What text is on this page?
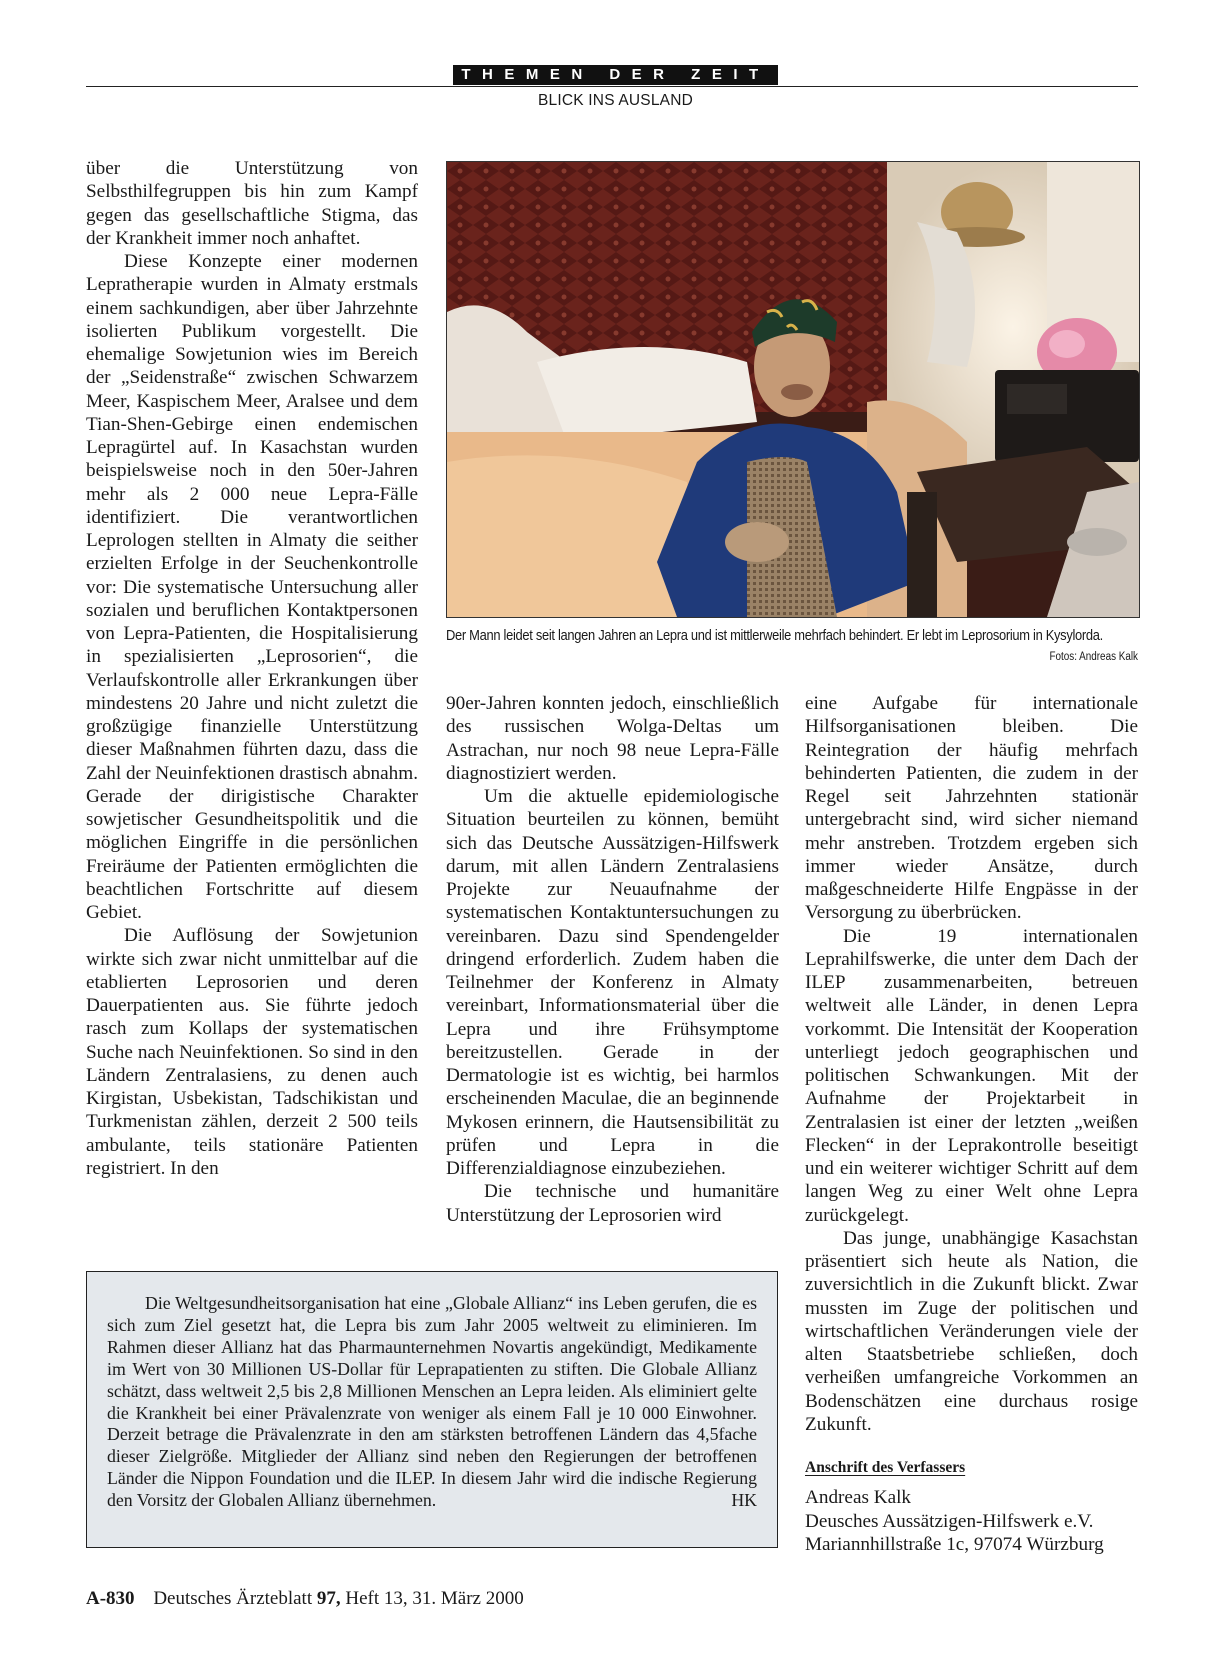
THEMEN DER ZEIT
BLICK INS AUSLAND

über die Unterstützung von Selbsthilfegruppen bis hin zum Kampf gegen das gesellschaftliche Stigma, das der Krankheit immer noch anhaftet.

Diese Konzepte einer modernen Lepratherapie wurden in Almaty erstmals einem sachkundigen, aber über Jahrzehnte isolierten Publikum vorgestellt. Die ehemalige Sowjetunion wies im Bereich der „Seidenstraße“ zwischen Schwarzem Meer, Kaspischem Meer, Aralsee und dem Tian-Shen-Gebirge einen endemischen Lepragürtel auf. In Kasachstan wurden beispielsweise noch in den 50er-Jahren mehr als 2 000 neue Lepra-Fälle identifiziert. Die verantwortlichen Leprologen stellten in Almaty die seither erzielten Erfolge in der Seuchenkontrolle vor: Die systematische Untersuchung aller sozialen und beruflichen Kontaktpersonen von Lepra-Patienten, die Hospitalisierung in spezialisierten „Leprosorien“, die Verlaufskontrolle aller Erkrankungen über mindestens 20 Jahre und nicht zuletzt die großzügige finanzielle Unterstützung dieser Maßnahmen führten dazu, dass die Zahl der Neuinfektionen drastisch abnahm. Gerade der dirigistische Charakter sowjetischer Gesundheitspolitik und die möglichen Eingriffe in die persönlichen Freiräume der Patienten ermöglichten die beachtlichen Fortschritte auf diesem Gebiet.

Die Auflösung der Sowjetunion wirkte sich zwar nicht unmittelbar auf die etablierten Leprosorien und deren Dauerpatienten aus. Sie führte jedoch rasch zum Kollaps der systematischen Suche nach Neuinfektionen. So sind in den Ländern Zentralasiens, zu denen auch Kirgistan, Usbekistan, Tadschikistan und Turkmenistan zählen, derzeit 2 500 teils ambulante, teils stationäre Patienten registriert. In den

Der Mann leidet seit langen Jahren an Lepra und ist mittlerweile mehrfach behindert. Er lebt im Leprosorium in Kysylorda.
Fotos: Andreas Kalk

90er-Jahren konnten jedoch, einschließlich des russischen Wolga-Deltas um Astrachan, nur noch 98 neue Lepra-Fälle diagnostiziert werden.

Um die aktuelle epidemiologische Situation beurteilen zu können, bemüht sich das Deutsche Aussätzigen-Hilfswerk darum, mit allen Ländern Zentralasiens Projekte zur Neuaufnahme der systematischen Kontaktuntersuchungen zu vereinbaren. Dazu sind Spendengelder dringend erforderlich. Zudem haben die Teilnehmer der Konferenz in Almaty vereinbart, Informationsmaterial über die Lepra und ihre Frühsymptome bereitzustellen. Gerade in der Dermatologie ist es wichtig, bei harmlos erscheinenden Maculae, die an beginnende Mykosen erinnern, die Hautsensibilität zu prüfen und Lepra in die Differenzialdiagnose einzubeziehen.

Die technische und humanitäre Unterstützung der Leprosorien wird

eine Aufgabe für internationale Hilfsorganisationen bleiben. Die Reintegration der häufig mehrfach behinderten Patienten, die zudem in der Regel seit Jahrzehnten stationär untergebracht sind, wird sicher niemand mehr anstreben. Trotzdem ergeben sich immer wieder Ansätze, durch maßgeschneiderte Hilfe Engpässe in der Versorgung zu überbrücken.

Die 19 internationalen Leprahilfswerke, die unter dem Dach der ILEP zusammenarbeiten, betreuen weltweit alle Länder, in denen Lepra vorkommt. Die Intensität der Kooperation unterliegt jedoch geographischen und politischen Schwankungen. Mit der Aufnahme der Projektarbeit in Zentralasien ist einer der letzten „weißen Flecken“ in der Leprakontrolle beseitigt und ein weiterer wichtiger Schritt auf dem langen Weg zu einer Welt ohne Lepra zurückgelegt.

Das junge, unabhängige Kasachstan präsentiert sich heute als Nation, die zuversichtlich in die Zukunft blickt. Zwar mussten im Zuge der politischen und wirtschaftlichen Veränderungen viele der alten Staatsbetriebe schließen, doch verheißen umfangreiche Vorkommen an Bodenschätzen eine durchaus rosige Zukunft.

Die Weltgesundheitsorganisation hat eine „Globale Allianz“ ins Leben gerufen, die es sich zum Ziel gesetzt hat, die Lepra bis zum Jahr 2005 weltweit zu eliminieren. Im Rahmen dieser Allianz hat das Pharmaunternehmen Novartis angekündigt, Medikamente im Wert von 30 Millionen US-Dollar für Leprapatienten zu stiften. Die Globale Allianz schätzt, dass weltweit 2,5 bis 2,8 Millionen Menschen an Lepra leiden. Als eliminiert gelte die Krankheit bei einer Prävalenzrate von weniger als einem Fall je 10 000 Einwohner. Derzeit betrage die Prävalenzrate in den am stärksten betroffenen Ländern das 4,5fache dieser Zielgröße. Mitglieder der Allianz sind neben den Regierungen der betroffenen Länder die Nippon Foundation und die ILEP. In diesem Jahr wird die indische Regierung den Vorsitz der Globalen Allianz übernehmen.	HK

Anschrift des Verfassers
Andreas Kalk
Deusches Aussätzigen-Hilfswerk e.V.
Mariannhillstraße 1c, 97074 Würzburg
A-830 Deutsches Ärzteblatt 97, Heft 13, 31. März 2000
